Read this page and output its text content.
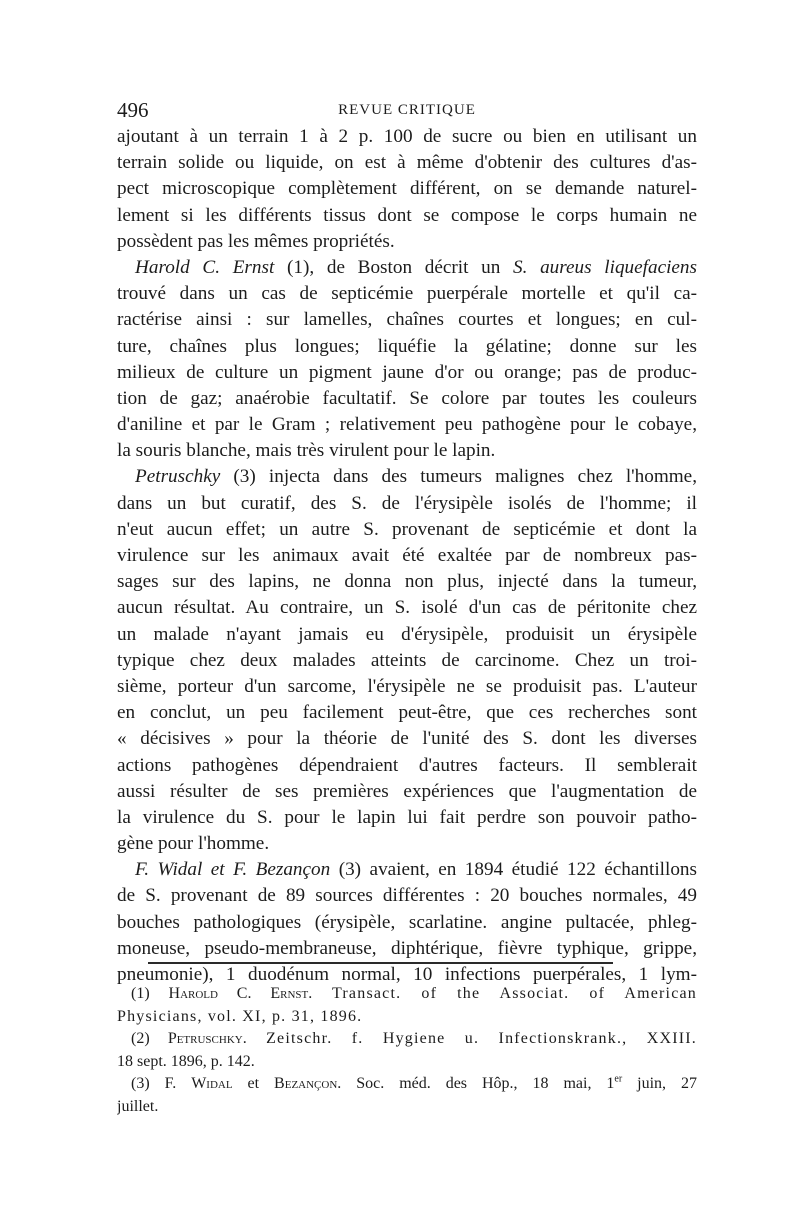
496	REVUE CRITIQUE
ajoutant à un terrain 1 à 2 p. 100 de sucre ou bien en utilisant un
terrain solide ou liquide, on est à même d'obtenir des cultures d'as-
pect microscopique complètement différent, on se demande naturel-
lement si les différents tissus dont se compose le corps humain ne
possèdent pas les mêmes propriétés.
Harold C. Ernst (1), de Boston décrit un S. aureus liquefaciens
trouvé dans un cas de septicémie puerpérale mortelle et qu'il ca-
ractérise ainsi : sur lamelles, chaînes courtes et longues; en cul-
ture, chaînes plus longues; liquéfie la gélatine; donne sur les
milieux de culture un pigment jaune d'or ou orange; pas de produc-
tion de gaz; anaérobie facultatif. Se colore par toutes les couleurs
d'aniline et par le Gram ; relativement peu pathogène pour le cobaye,
la souris blanche, mais très virulent pour le lapin.
Petruschky (3) injecta dans des tumeurs malignes chez l'homme,
dans un but curatif, des S. de l'érysipèle isolés de l'homme; il
n'eut aucun effet; un autre S. provenant de septicémie et dont la
virulence sur les animaux avait été exaltée par de nombreux pas-
sages sur des lapins, ne donna non plus, injecté dans la tumeur,
aucun résultat. Au contraire, un S. isolé d'un cas de péritonite chez
un malade n'ayant jamais eu d'érysipèle, produisit un érysipèle
typique chez deux malades atteints de carcinome. Chez un troi-
sième, porteur d'un sarcome, l'érysipèle ne se produisit pas. L'auteur
en conclut, un peu facilement peut-être, que ces recherches sont
« décisives » pour la théorie de l'unité des S. dont les diverses
actions pathogènes dépendraient d'autres facteurs. Il semblerait
aussi résulter de ses premières expériences que l'augmentation de
la virulence du S. pour le lapin lui fait perdre son pouvoir patho-
gène pour l'homme.
F. Widal et F. Bezançon (3) avaient, en 1894 étudié 122 échantillons
de S. provenant de 89 sources différentes : 20 bouches normales, 49
bouches pathologiques (érysipèle, scarlatine. angine pultacée, phleg-
moneuse, pseudo-membraneuse, diphtérique, fièvre typhique, grippe,
pneumonie), 1 duodénum normal, 10 infections puerpérales, 1 lym-
(1) Harold C. Ernst. Transact. of the Associat. of American
Physicians, vol. XI, p. 31, 1896.
(2) Petruschky. Zeitschr. f. Hygiene u. Infectionskrank., XXIII.
18 sept. 1896, p. 142.
(3) F. Widal et Bezançon. Soc. méd. des Hôp., 18 mai, 1er juin, 27
juillet.
